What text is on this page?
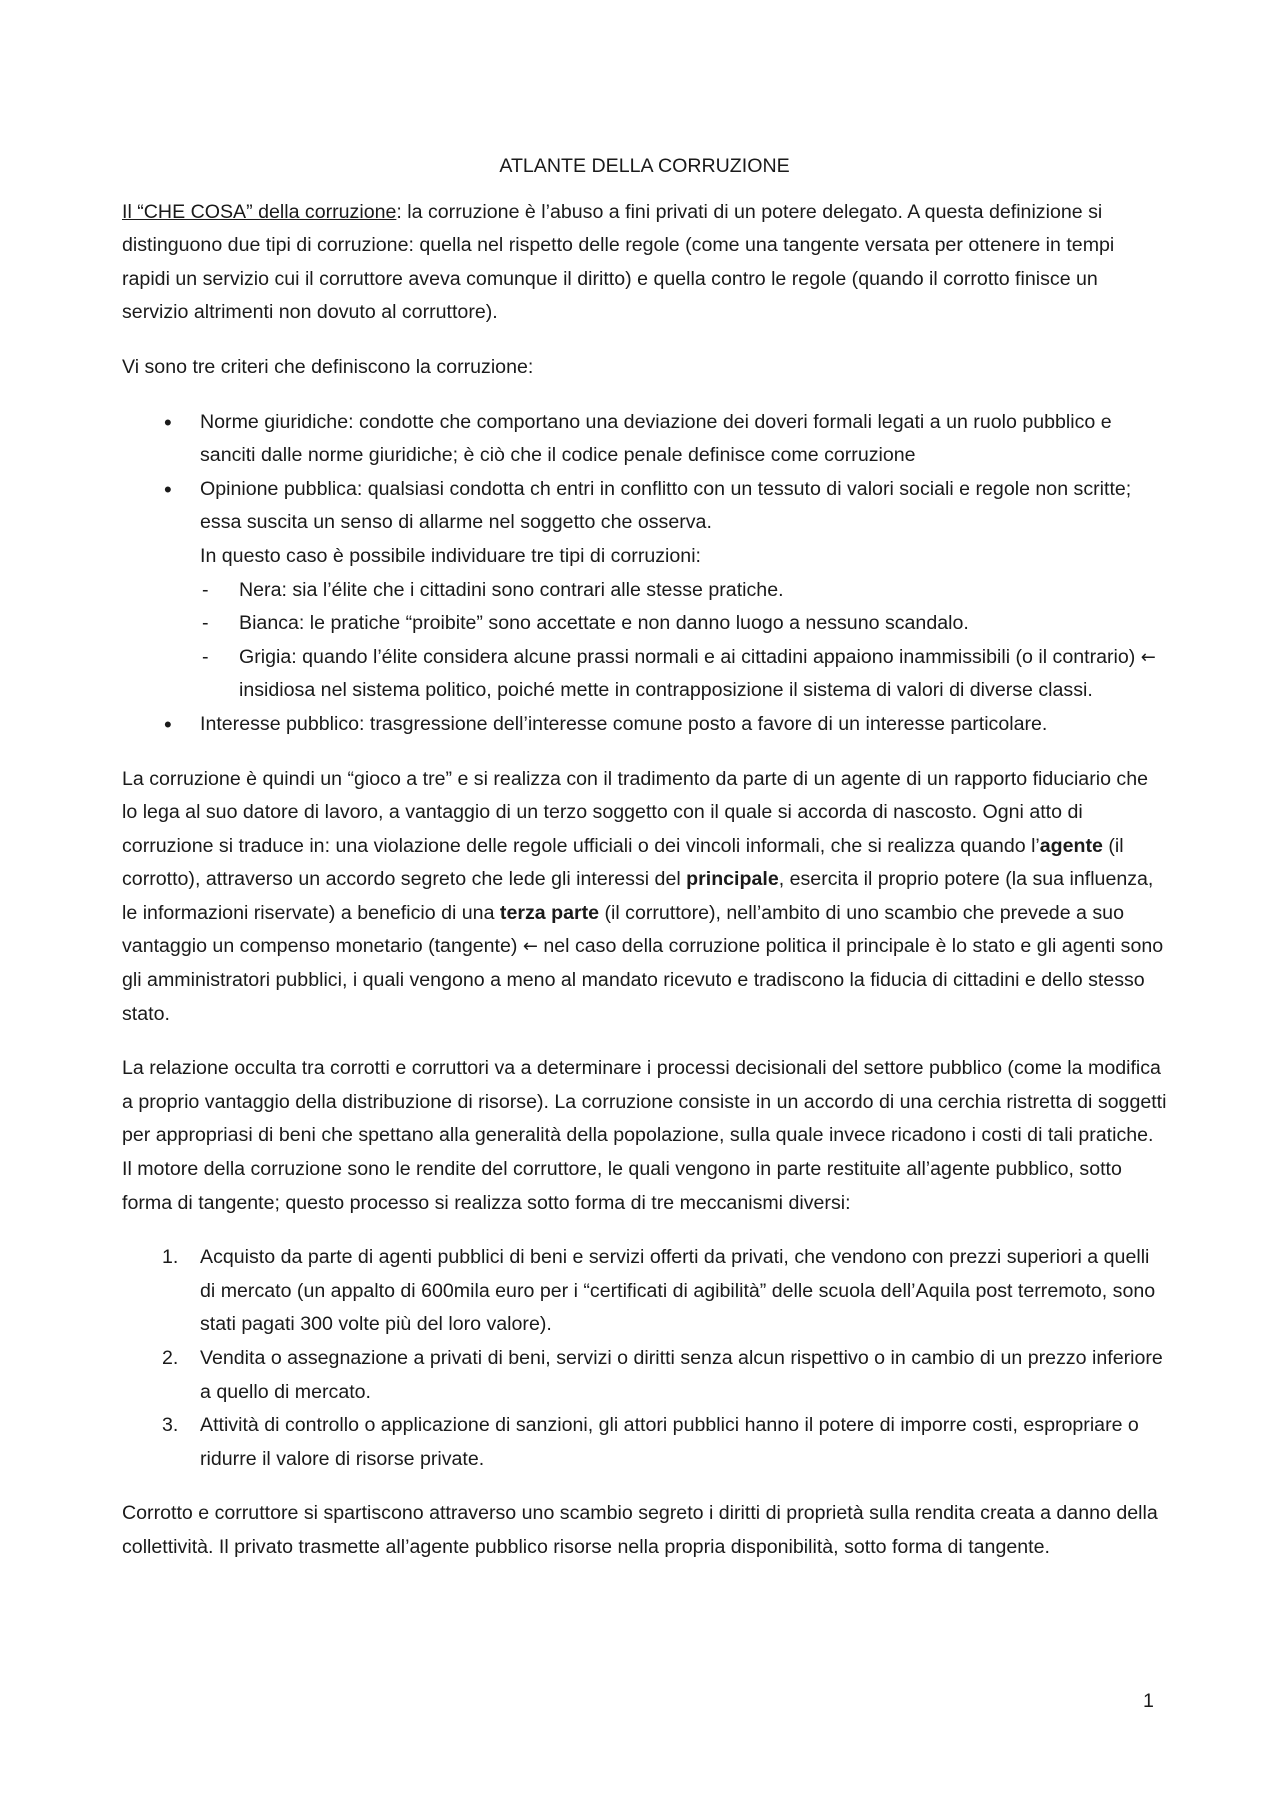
ATLANTE DELLA CORRUZIONE

Il “CHE COSA” della corruzione: la corruzione è l’abuso a fini privati di un potere delegato. A questa definizione si distinguono due tipi di corruzione: quella nel rispetto delle regole (come una tangente versata per ottenere in tempi rapidi un servizio cui il corruttore aveva comunque il diritto) e quella contro le regole (quando il corrotto finisce un servizio altrimenti non dovuto al corruttore).

Vi sono tre criteri che definiscono la corruzione:

• Norme giuridiche: condotte che comportano una deviazione dei doveri formali legati a un ruolo pubblico e sanciti dalle norme giuridiche; è ciò che il codice penale definisce come corruzione
• Opinione pubblica: qualsiasi condotta ch entri in conflitto con un tessuto di valori sociali e regole non scritte; essa suscita un senso di allarme nel soggetto che osserva.
In questo caso è possibile individuare tre tipi di corruzioni:
- Nera: sia l’élite che i cittadini sono contrari alle stesse pratiche.
- Bianca: le pratiche “proibite” sono accettate e non danno luogo a nessuno scandalo.
- Grigia: quando l’élite considera alcune prassi normali e ai cittadini appaiono inammissibili (o il contrario) ← insidiosa nel sistema politico, poiché mette in contrapposizione il sistema di valori di diverse classi.
• Interesse pubblico: trasgressione dell’interesse comune posto a favore di un interesse particolare.

La corruzione è quindi un “gioco a tre” e si realizza con il tradimento da parte di un agente di un rapporto fiduciario che lo lega al suo datore di lavoro, a vantaggio di un terzo soggetto con il quale si accorda di nascosto. Ogni atto di corruzione si traduce in: una violazione delle regole ufficiali o dei vincoli informali, che si realizza quando l’agente (il corrotto), attraverso un accordo segreto che lede gli interessi del principale, esercita il proprio potere (la sua influenza, le informazioni riservate) a beneficio di una terza parte (il corruttore), nell’ambito di uno scambio che prevede a suo vantaggio un compenso monetario (tangente) ← nel caso della corruzione politica il principale è lo stato e gli agenti sono gli amministratori pubblici, i quali vengono a meno al mandato ricevuto e tradiscono la fiducia di cittadini e dello stesso stato.

La relazione occulta tra corrotti e corruttori va a determinare i processi decisionali del settore pubblico (come la modifica a proprio vantaggio della distribuzione di risorse). La corruzione consiste in un accordo di una cerchia ristretta di soggetti per appropriasi di beni che spettano alla generalità della popolazione, sulla quale invece ricadono i costi di tali pratiche. Il motore della corruzione sono le rendite del corruttore, le quali vengono in parte restituite all’agente pubblico, sotto forma di tangente; questo processo si realizza sotto forma di tre meccanismi diversi:

1. Acquisto da parte di agenti pubblici di beni e servizi offerti da privati, che vendono con prezzi superiori a quelli di mercato (un appalto di 600mila euro per i “certificati di agibilità” delle scuola dell’Aquila post terremoto, sono stati pagati 300 volte più del loro valore).
2. Vendita o assegnazione a privati di beni, servizi o diritti senza alcun rispettivo o in cambio di un prezzo inferiore a quello di mercato.
3. Attività di controllo o applicazione di sanzioni, gli attori pubblici hanno il potere di imporre costi, espropriare o ridurre il valore di risorse private.

Corrotto e corruttore si spartiscono attraverso uno scambio segreto i diritti di proprietà sulla rendita creata a danno della collettività. Il privato trasmette all’agente pubblico risorse nella propria disponibilità, sotto forma di tangente.

1
